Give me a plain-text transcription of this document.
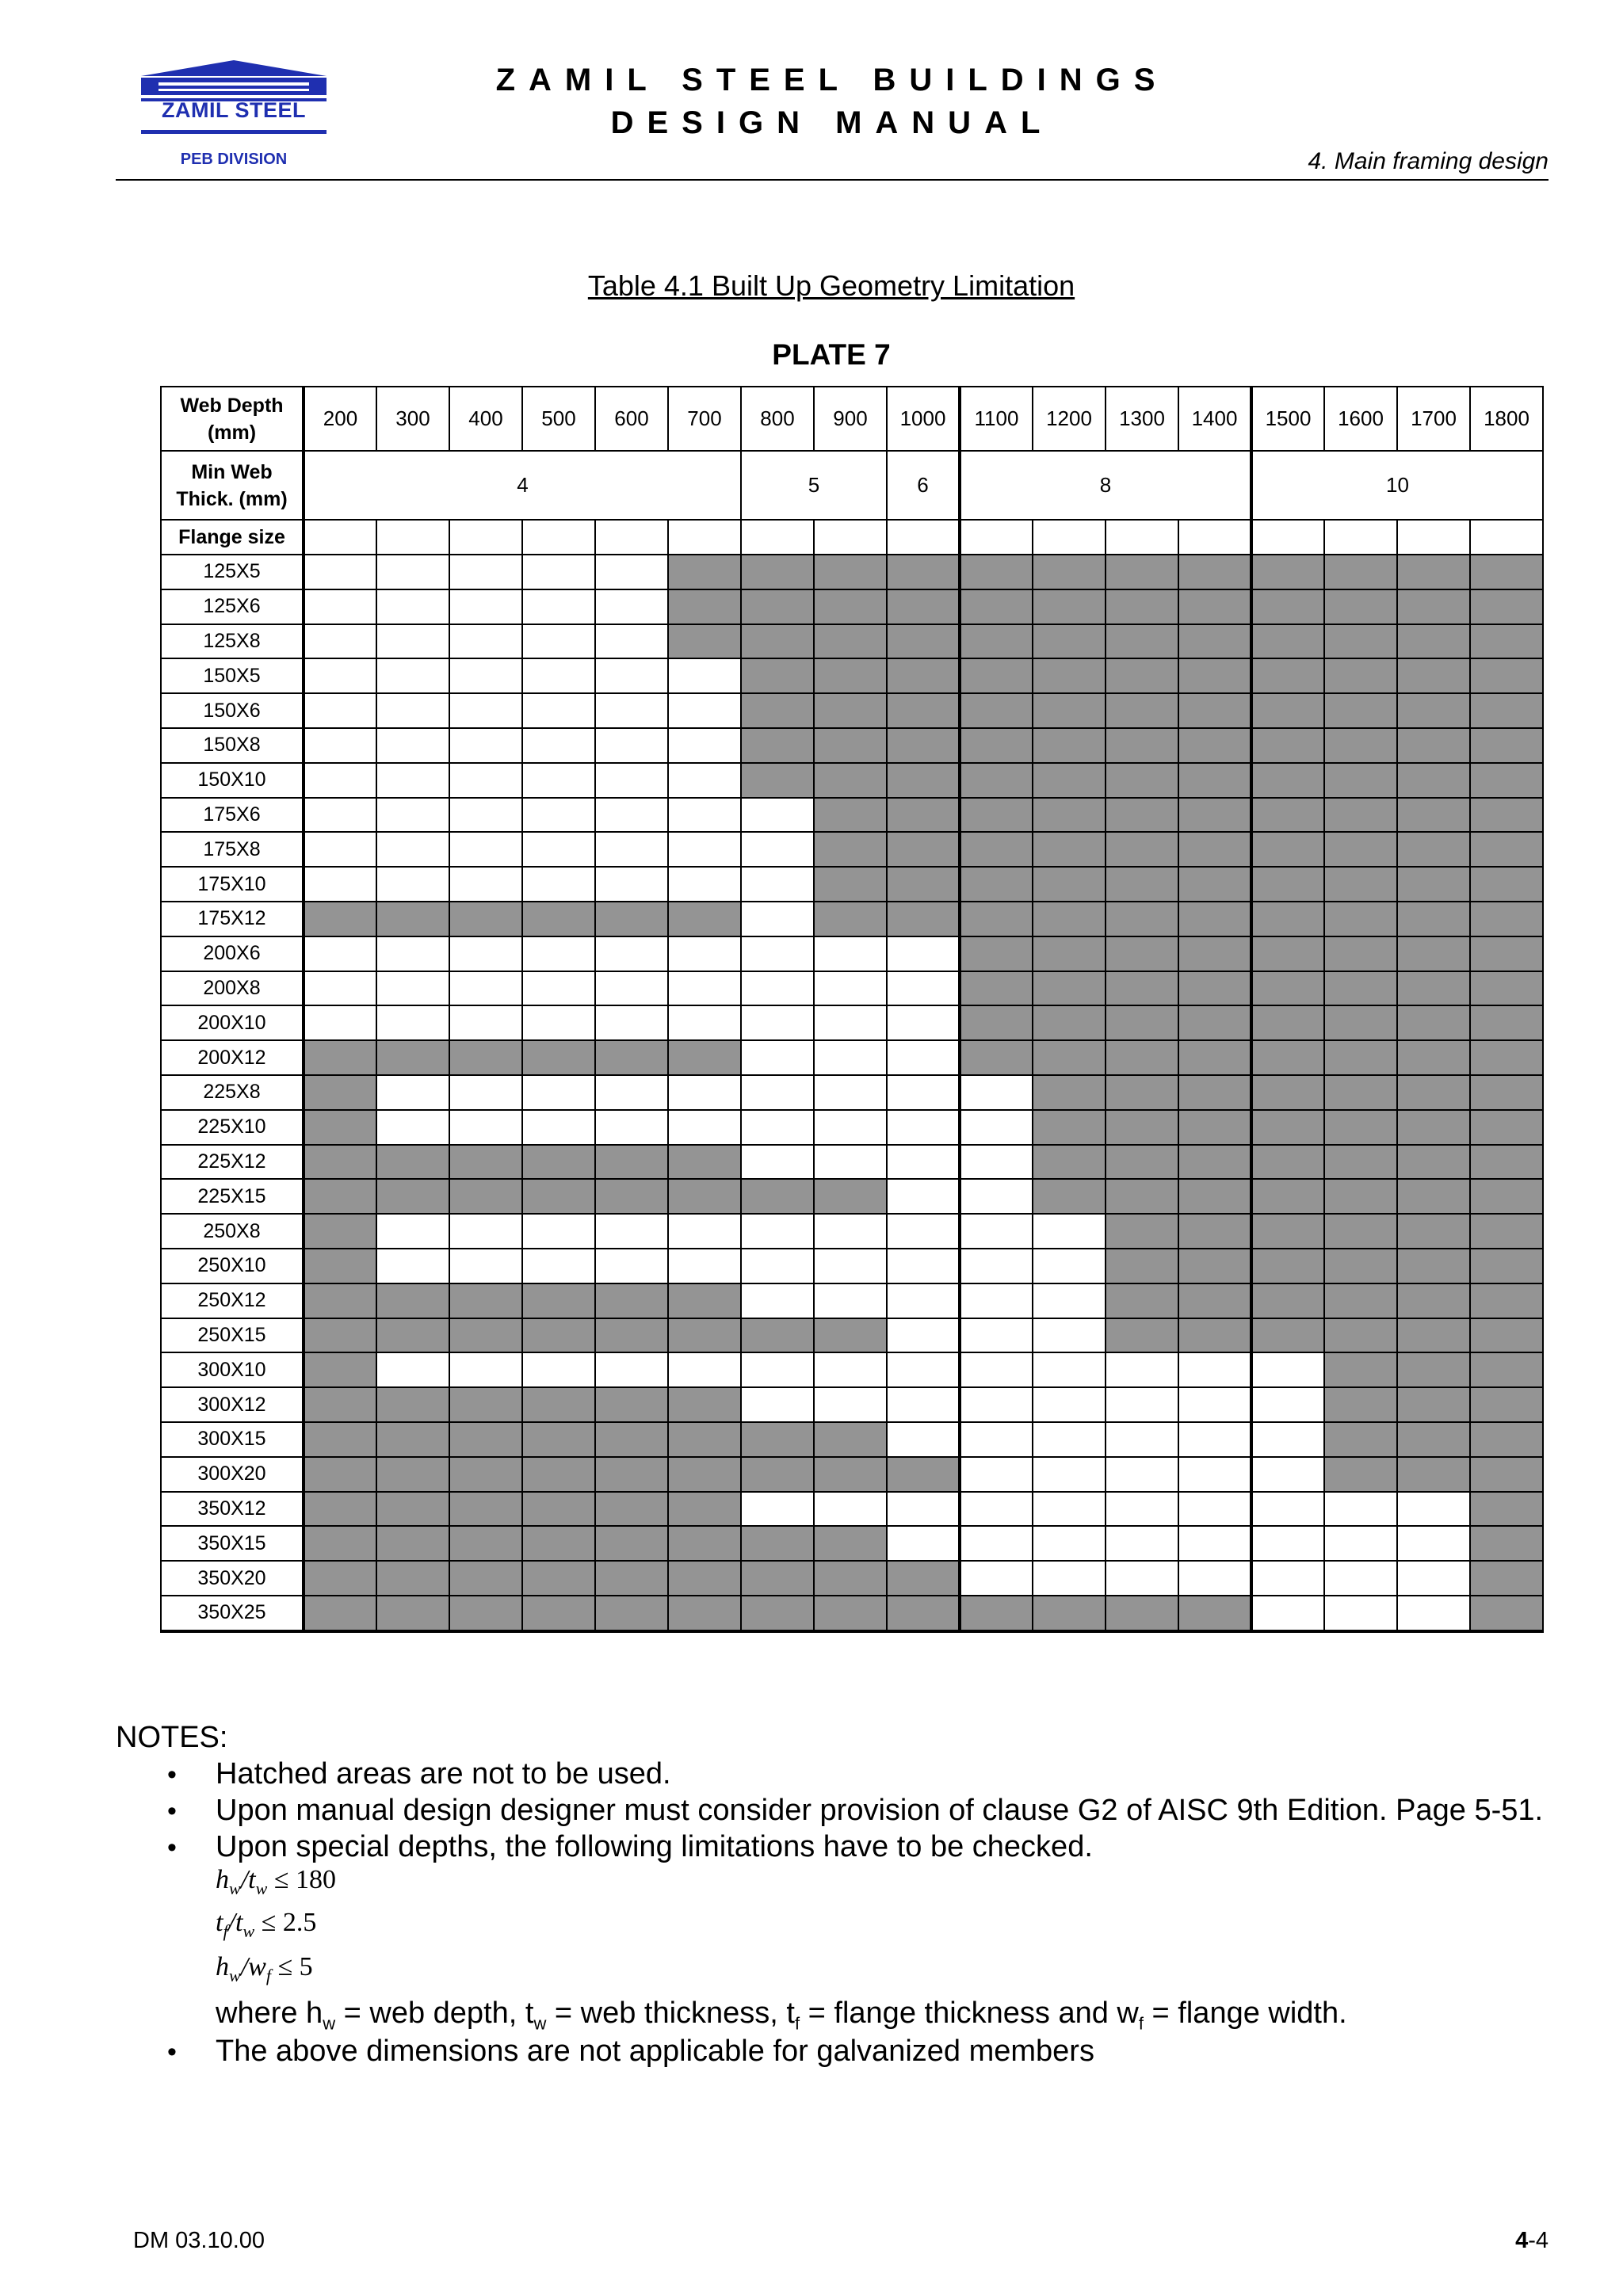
ZAMIL STEEL
PEB DIVISION
ZAMIL STEEL BUILDINGS
DESIGN MANUAL
4. Main framing design
Table 4.1 Built Up Geometry Limitation
PLATE 7
Web Depth (mm)	200	300	400	500	600	700	800	900	1000	1100	1200	1300	1400	1500	1600	1700	1800
Min Web Thick. (mm)	4						5		6	8				10			
Flange size																	
125X5																	
125X6																	
125X8																	
150X5																	
150X6																	
150X8																	
150X10																	
175X6																	
175X8																	
175X10																	
175X12																	
200X6																	
200X8																	
200X10																	
200X12																	
225X8																	
225X10																	
225X12																	
225X15																	
250X8																	
250X10																	
250X12																	
250X15																	
300X10																	
300X12																	
300X15																	
300X20																	
350X12																	
350X15																	
350X20																	
350X25																	
NOTES:
• Hatched areas are not to be used.
• Upon manual design designer must consider provision of clause G2 of AISC 9th Edition. Page 5-51.
• Upon special depths, the following limitations have to be checked.
$h_w/t_w \le 180$
$t_f/t_w \le 2.5$
$h_w/w_f \le 5$
where $h_w$ = web depth, $t_w$ = web thickness, $t_f$ = flange thickness and $w_f$ = flange width.
• The above dimensions are not applicable for galvanized members
DM 03.10.00	4-4
